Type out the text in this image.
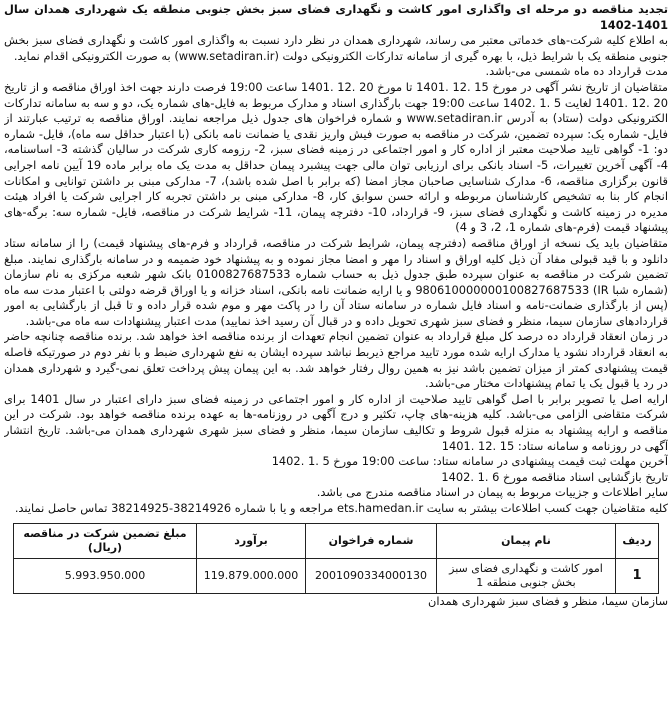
تجدید مناقصه دو مرحله ای واگذاری امور کاشت و نگهداری فضای سبز بخش جنوبی منطقه یک شهرداری همدان سال 1401-1402

به اطلاع کلیه شرکت-های خدماتی معتبر می رساند، شهرداری همدان در نظر دارد نسبت به واگذاری امور کاشت و نگهداری فضای سبز بخش جنوبی منطقه یک با شرایط ذیل، با بهره گیری از سامانه تدارکات الکترونیکی دولت (www.setadiran.ir) به صورت الکترونیکی اقدام نماید.

مدت قرارداد ده ماه شمسی می-باشد.

متقاضیان از تاریخ نشر آگهی در مورخ 15 .12 .1401 تا مورخ 20 .12 .1401 ساعت 19:00 فرصت دارند جهت اخذ اوراق مناقصه و از تاریخ 20 .12 .1401 لغایت 5 .1 .1402 ساعت 19:00 جهت بارگذاری اسناد و مدارک مربوط به فایل-های شماره یک، دو و سه به سامانه تدارکات الکترونیکی دولت (ستاد) به آدرس www.setadiran.ir و شماره فراخوان های جدول ذیل مراجعه نمایند. اوراق مناقصه به ترتیب عبارتند از فایل- شماره یک: سپرده تضمین، شرکت در مناقصه به صورت فیش واریز نقدی یا ضمانت نامه بانکی (با اعتبار حداقل سه ماه)، فایل- شماره دو: 1- گواهی تایید صلاحیت معتبر از اداره کار و امور اجتماعی در زمینه فضای سبز، 2- رزومه کاری شرکت در سالیان گذشته 3- اساسنامه، 4- آگهی آخرین تغییرات، 5- اسناد بانکی برای ارزیابی توان مالی جهت پیشبرد پیمان حداقل به مدت یک ماه برابر ماده 19 آیین نامه اجرایی قانون برگزاری مناقصه، 6- مدارک شناسایی صاحبان مجاز امضا (که برابر با اصل شده باشد)، 7- مدارکی مبنی بر داشتن توانایی و امکانات انجام کار بنا به تشخیص کارشناسان مربوطه و ارائه حسن سوابق کار، 8- مدارکی مبنی بر داشتن تجربه کار اجرایی شرکت یا افراد هیئت مدیره در زمینه کاشت و نگهداری فضای سبز، 9- قرارداد، 10- دفترچه پیمان، 11- شرایط شرکت در مناقصه، فایل- شماره سه: برگه-های پیشنهاد قیمت (فرم-های شماره 1، 2، 3 و 4)

متقاضیان باید یک نسخه از اوراق مناقصه (دفترچه پیمان، شرایط شرکت در مناقصه، قرارداد و فرم-های پیشنهاد قیمت) را از سامانه ستاد دانلود و با قید قبولی مفاد آن ذیل کلیه اوراق و اسناد را مهر و امضا مجاز نموده و به پیشنهاد خود ضمیمه و در سامانه بارگذاری نمایند. مبلغ تضمین شرکت در مناقصه به عنوان سپرده طبق جدول ذیل به حساب شماره 0100827687533 بانک شهر شعبه مرکزی به نام سازمان (شماره شبا IR) 980610000000100827687533 و یا ارایه ضمانت نامه بانکی، اسناد خزانه و یا اوراق قرضه دولتی با اعتبار مدت سه ماه (پس از بارگذاری ضمانت-نامه و اسناد فایل شماره در سامانه ستاد آن را در پاکت مهر و موم شده قرار داده و تا قبل از بارگشایی به امور قراردادهای سازمان سیما، منظر و فضای سبز شهری تحویل داده و در قبال آن رسید اخذ نمایید) مدت اعتبار پیشنهادات سه ماه می-باشد.

در زمان انعقاد قرارداد ده درصد کل مبلغ قرارداد به عنوان تضمین انجام تعهدات از برنده مناقصه اخذ خواهد شد. برنده مناقصه چنانچه حاضر به انعقاد قرارداد نشود یا مدارک ارایه شده مورد تایید مراجع ذیربط نباشد سپرده ایشان به نفع شهرداری ضبط و با نفر دوم در صورتیکه فاصله قیمت پیشنهادی کمتر از میزان تضمین باشد نیز به همین روال رفتار خواهد شد. به این پیمان پیش پرداخت تعلق نمی-گیرد و شهرداری همدان در رد یا قبول یک یا تمام پیشنهادات مختار می-باشد.

ارایه اصل یا تصویر برابر با اصل گواهی تایید صلاحیت از اداره کار و امور اجتماعی در زمینه فضای سبز دارای اعتبار در سال 1401 برای شرکت متقاضی الزامی می-باشد. کلیه هزینه-های چاپ، تکثیر و درج آگهی در روزنامه-ها به عهده برنده مناقصه خواهد بود. شرکت در این مناقصه و ارایه پیشنهاد به منزله قبول شروط و تکالیف سازمان سیما، منظر و فضای سبز شهری شهرداری همدان می-باشد. تاریخ انتشار آگهی در روزنامه و سامانه ستاد: 15 .12 .1401

آخرین مهلت ثبت قیمت پیشنهادی در سامانه ستاد: ساعت 19:00 مورخ 5 .1 .1402

تاریخ بازگشایی اسناد مناقصه مورخ 6 .1 .1402

سایر اطلاعات و جزییات مربوط به پیمان در اسناد مناقصه مندرج می باشد.

کلیه متقاضیان جهت کسب اطلاعات بیشتر به سایت ets.hamedan.ir مراجعه و یا با شماره 38214926-38214925 تماس حاصل نمایند.

ردیف	نام پیمان	شماره فراخوان	برآورد	مبلغ تضمین شرکت در مناقصه (ریال)
1	امور کاشت و نگهداری فضای سبز بخش جنوبی منطقه 1	2001090334000130	119.879.000.000	5.993.950.000

سازمان سیما، منظر و فضای سبز شهرداری همدان
